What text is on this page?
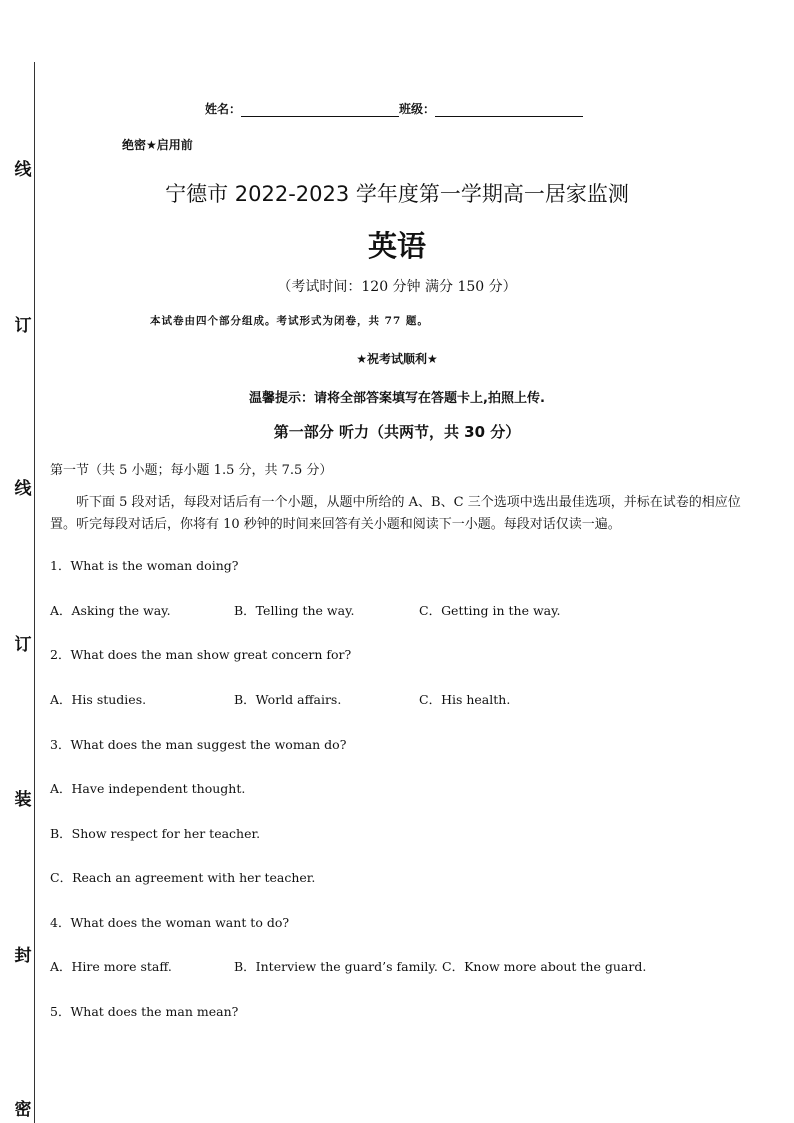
线
订
线
订
装
封
密
姓名：	班级：
绝密★启用前
宁德市 2022-2023 学年度第一学期高一居家监测
英语
（考试时间：120 分钟 满分 150 分）
本试卷由四个部分组成。考试形式为闭卷，共 77 题。
★祝考试顺利★
温馨提示：请将全部答案填写在答题卡上,拍照上传.
第一部分 听力（共两节，共 30 分）
第一节（共 5 小题；每小题 1.5 分，共 7.5 分）
听下面 5 段对话，每段对话后有一个小题，从题中所给的 A、B、C 三个选项中选出最佳选项，并标在试卷的相应位置。听完每段对话后，你将有 10 秒钟的时间来回答有关小题和阅读下一小题。每段对话仅读一遍。
1．What is the woman doing?
A．Asking the way.	B．Telling the way.	C．Getting in the way.
2．What does the man show great concern for?
A．His studies.	B．World affairs.	C．His health.
3．What does the man suggest the woman do?
A．Have independent thought.
B．Show respect for her teacher.
C．Reach an agreement with her teacher.
4．What does the woman want to do?
A．Hire more staff.	B．Interview the guard’s family. C．Know more about the guard.
5．What does the man mean?
